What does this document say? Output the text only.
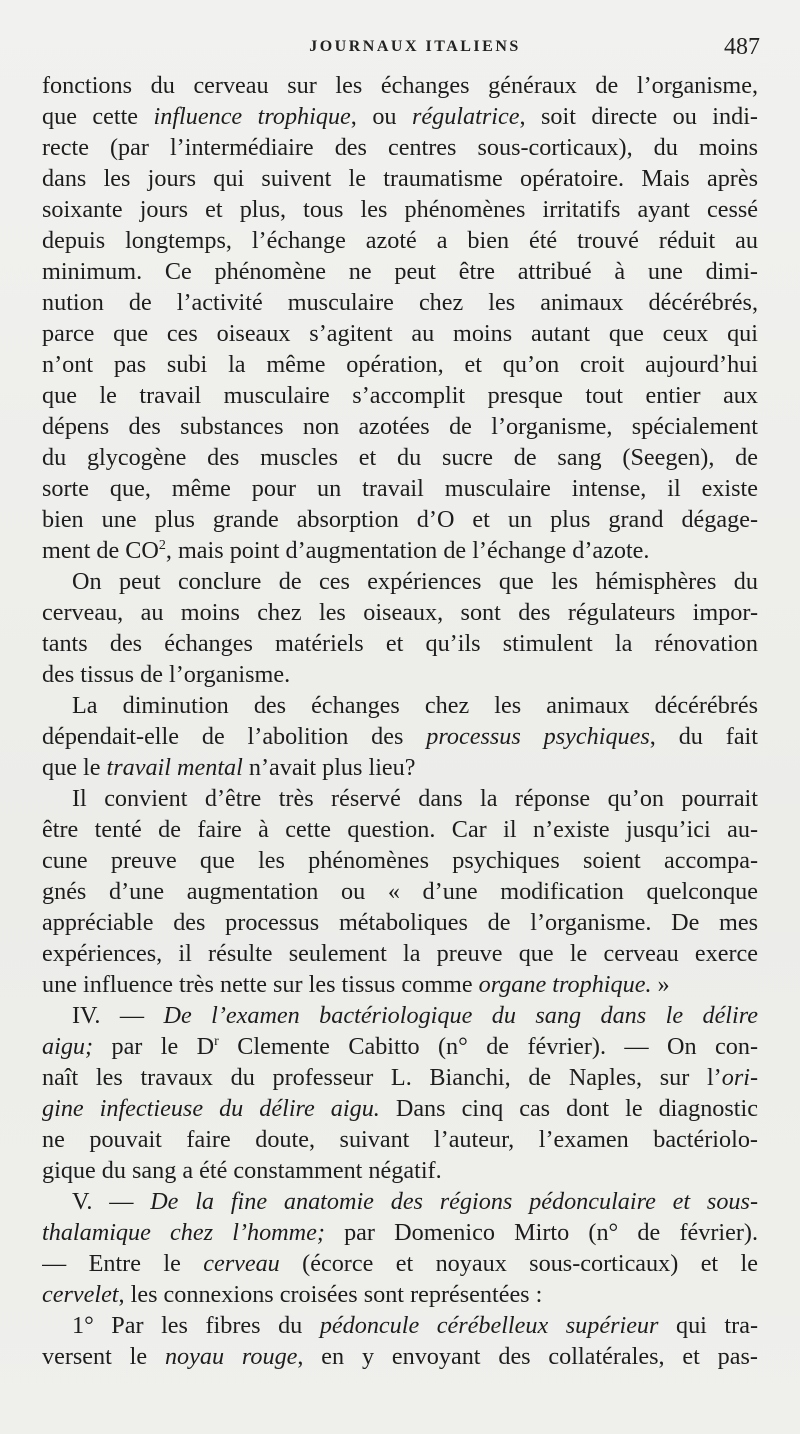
JOURNAUX ITALIENS	487
fonctions du cerveau sur les échanges généraux de l’organisme,
que cette influence trophique, ou régulatrice, soit directe ou indi-
recte (par l’intermédiaire des centres sous-corticaux), du moins
dans les jours qui suivent le traumatisme opératoire. Mais après
soixante jours et plus, tous les phénomènes irritatifs ayant cessé
depuis longtemps, l’échange azoté a bien été trouvé réduit au
minimum. Ce phénomène ne peut être attribué à une dimi-
nution de l’activité musculaire chez les animaux décérébrés,
parce que ces oiseaux s’agitent au moins autant que ceux qui
n’ont pas subi la même opération, et qu’on croit aujourd’hui
que le travail musculaire s’accomplit presque tout entier aux
dépens des substances non azotées de l’organisme, spécialement
du glycogène des muscles et du sucre de sang (Seegen), de
sorte que, même pour un travail musculaire intense, il existe
bien une plus grande absorption d’O et un plus grand dégage-
ment de $CO^2$, mais point d’augmentation de l’échange d’azote.
On peut conclure de ces expériences que les hémisphères du
cerveau, au moins chez les oiseaux, sont des régulateurs impor-
tants des échanges matériels et qu’ils stimulent la rénovation
des tissus de l’organisme.
La diminution des échanges chez les animaux décérébrés
dépendait-elle de l’abolition des processus psychiques, du fait
que le travail mental n’avait plus lieu?
Il convient d’être très réservé dans la réponse qu’on pourrait
être tenté de faire à cette question. Car il n’existe jusqu’ici au-
cune preuve que les phénomènes psychiques soient accompa-
gnés d’une augmentation ou « d’une modification quelconque
appréciable des processus métaboliques de l’organisme. De mes
expériences, il résulte seulement la preuve que le cerveau exerce
une influence très nette sur les tissus comme organe trophique. »
IV. — De l’examen bactériologique du sang dans le délire
aigu; par le $D^r$ Clemente Cabitto (n° de février). — On con-
naît les travaux du professeur L. Bianchi, de Naples, sur l’ori-
gine infectieuse du délire aigu. Dans cinq cas dont le diagnostic
ne pouvait faire doute, suivant l’auteur, l’examen bactériolo-
gique du sang a été constamment négatif.
V. — De la fine anatomie des régions pédonculaire et sous-
thalamique chez l’homme; par Domenico Mirto (n° de février).
— Entre le cerveau (écorce et noyaux sous-corticaux) et le
cervelet, les connexions croisées sont représentées :
1° Par les fibres du pédoncule cérébelleux supérieur qui tra-
versent le noyau rouge, en y envoyant des collatérales, et pas-
